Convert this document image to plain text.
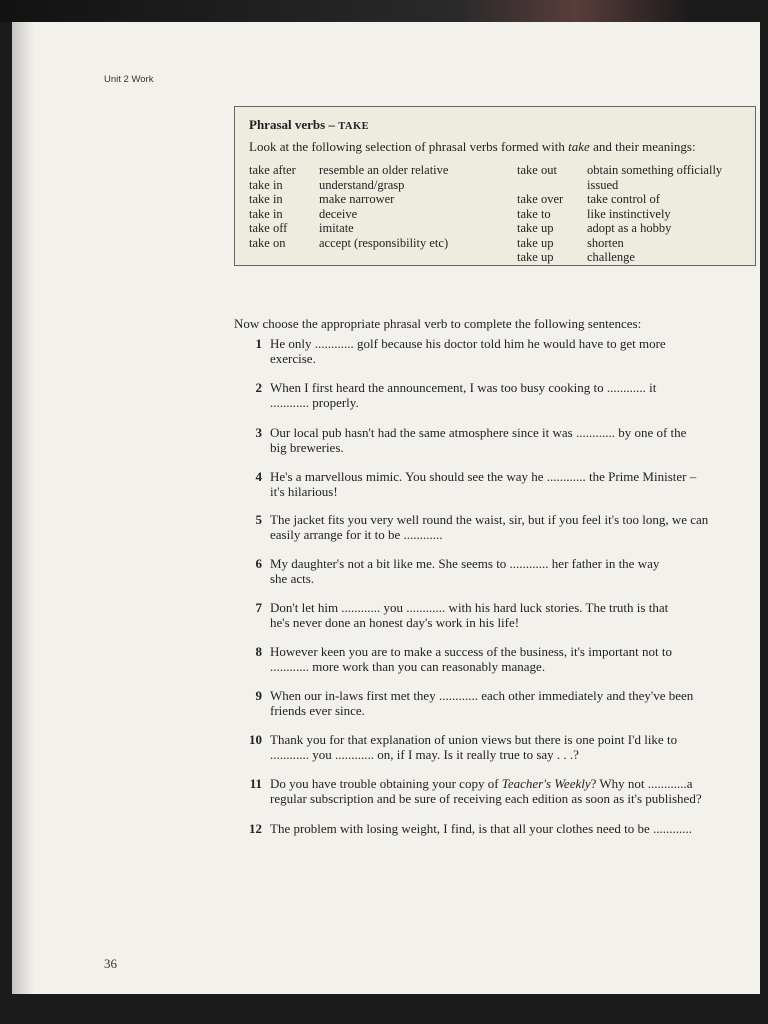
Unit 2 Work
Phrasal verbs – TAKE
Look at the following selection of phrasal verbs formed with take and their meanings:
take after	resemble an older relative
take in	understand/grasp
take in	make narrower
take in	deceive
take off	imitate
take on	accept (responsibility etc)
take out	obtain something officially
issued
take over	take control of
take to	like instinctively
take up	adopt as a hobby
take up	shorten
take up	challenge
Now choose the appropriate phrasal verb to complete the following sentences:
1 He only ............ golf because his doctor told him he would have to get more
exercise.
2 When I first heard the announcement, I was too busy cooking to ............ it
............ properly.
3 Our local pub hasn't had the same atmosphere since it was ............ by one of the
big breweries.
4 He's a marvellous mimic. You should see the way he ............ the Prime Minister –
it's hilarious!
5 The jacket fits you very well round the waist, sir, but if you feel it's too long, we can
easily arrange for it to be ............
6 My daughter's not a bit like me. She seems to ............ her father in the way
she acts.
7 Don't let him ............ you ............ with his hard luck stories. The truth is that
he's never done an honest day's work in his life!
8 However keen you are to make a success of the business, it's important not to
............ more work than you can reasonably manage.
9 When our in-laws first met they ............ each other immediately and they've been
friends ever since.
10 Thank you for that explanation of union views but there is one point I'd like to
............ you ............ on, if I may. Is it really true to say . . .?
11 Do you have trouble obtaining your copy of Teacher's Weekly? Why not ............a
regular subscription and be sure of receiving each edition as soon as it's published?
12 The problem with losing weight, I find, is that all your clothes need to be ............
36
